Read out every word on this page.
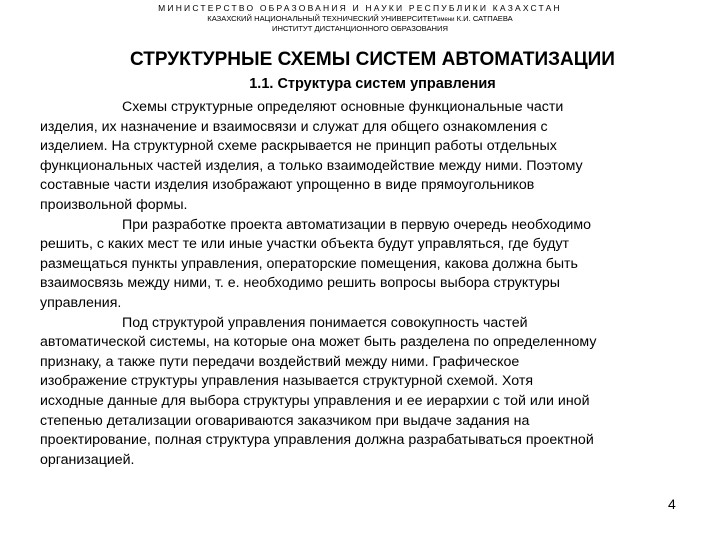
МИНИСТЕРСТВО ОБРАЗОВАНИЯ И НАУКИ РЕСПУБЛИКИ КАЗАХСТАН
КАЗАХСКИЙ НАЦИОНАЛЬНЫЙ ТЕХНИЧЕСКИЙ УНИВЕРСИТЕТимени К.И. САТПАЕВА
ИНСТИТУТ ДИСТАНЦИОННОГО ОБРАЗОВАНИЯ
СТРУКТУРНЫЕ СХЕМЫ СИСТЕМ АВТОМАТИЗАЦИИ
1.1. Структура систем управления
Схемы структурные определяют основные функциональные части
изделия, их назначение и взаимосвязи и служат для общего ознакомления с
изделием. На структурной схеме раскрывается не принцип работы отдельных
функциональных частей изделия, а только взаимодействие между ними. Поэтому
составные части изделия изображают упрощенно в виде прямоугольников
произвольной формы.
При разработке проекта автоматизации в первую очередь необходимо
решить, с каких мест те или иные участки объекта будут управляться, где будут
размещаться пункты управления, операторские помещения, какова должна быть
взаимосвязь между ними, т. е. необходимо решить вопросы выбора структуры
управления.
Под структурой управления понимается совокупность частей
автоматической системы, на которые она может быть разделена по определенному
признаку, а также пути передачи воздействий между ними. Графическое
изображение структуры управления называется структурной схемой. Хотя
исходные данные для выбора структуры управления и ее иерархии с той или иной
степенью детализации оговариваются заказчиком при выдаче задания на
проектирование, полная структура управления должна разрабатываться проектной
организацией.
4
